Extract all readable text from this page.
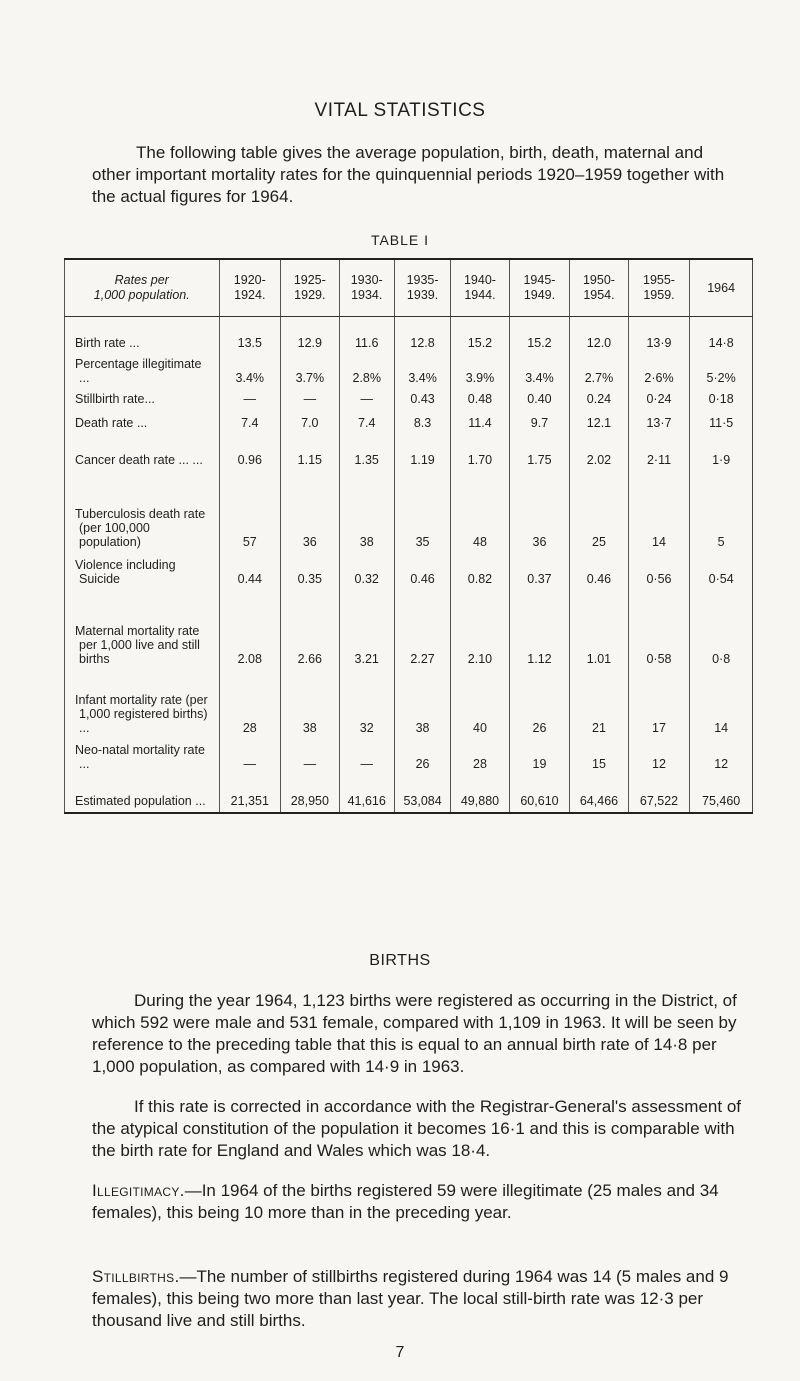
VITAL STATISTICS

The following table gives the average population, birth, death, maternal and other important mortality rates for the quinquennial periods 1920–1959 together with the actual figures for 1964.

TABLE I
Rates per
1,000 population.	1920- 1924.	1925- 1929.	1930- 1934.	1935- 1939.	1940- 1944.	1945- 1949.	1950- 1954.	1955- 1959.	1964
Birth rate ...	13.5	12.9	11.6	12.8	15.2	15.2	12.0	13·9	14·8
Percentage illegitimate ...	3.4%	3.7%	2.8%	3.4%	3.9%	3.4%	2.7%	2·6%	5·2%
Stillbirth rate...	—	—	—	0.43	0.48	0.40	0.24	0·24	0·18
Death rate ...	7.4	7.0	7.4	8.3	11.4	9.7	12.1	13·7	11·5
Cancer death rate ... ...	0.96	1.15	1.35	1.19	1.70	1.75	2.02	2·11	1·9
Tuberculosis death rate (per 100,000 population)	57	36	38	35	48	36	25	14	5
Violence including Suicide	0.44	0.35	0.32	0.46	0.82	0.37	0.46	0·56	0·54
Maternal mortality rate per 1,000 live and still births	2.08	2.66	3.21	2.27	2.10	1.12	1.01	0·58	0·8
Infant mortality rate (per 1,000 registered births) ...	28	38	32	38	40	26	21	17	14
Neo-natal mortality rate ...	—	—	—	26	28	19	15	12	12
Estimated population ...	21,351	28,950	41,616	53,084	49,880	60,610	64,466	67,522	75,460
BIRTHS

During the year 1964, 1,123 births were registered as occurring in the District, of which 592 were male and 531 female, compared with 1,109 in 1963. It will be seen by reference to the preceding table that this is equal to an annual birth rate of 14·8 per 1,000 population, as compared with 14·9 in 1963.

If this rate is corrected in accordance with the Registrar-General's assessment of the atypical constitution of the population it becomes 16·1 and this is comparable with the birth rate for England and Wales which was 18·4.

Illegitimacy.—In 1964 of the births registered 59 were illegitimate (25 males and 34 females), this being 10 more than in the preceding year.

Stillbirths.—The number of stillbirths registered during 1964 was 14 (5 males and 9 females), this being two more than last year. The local still-birth rate was 12·3 per thousand live and still births.

7
